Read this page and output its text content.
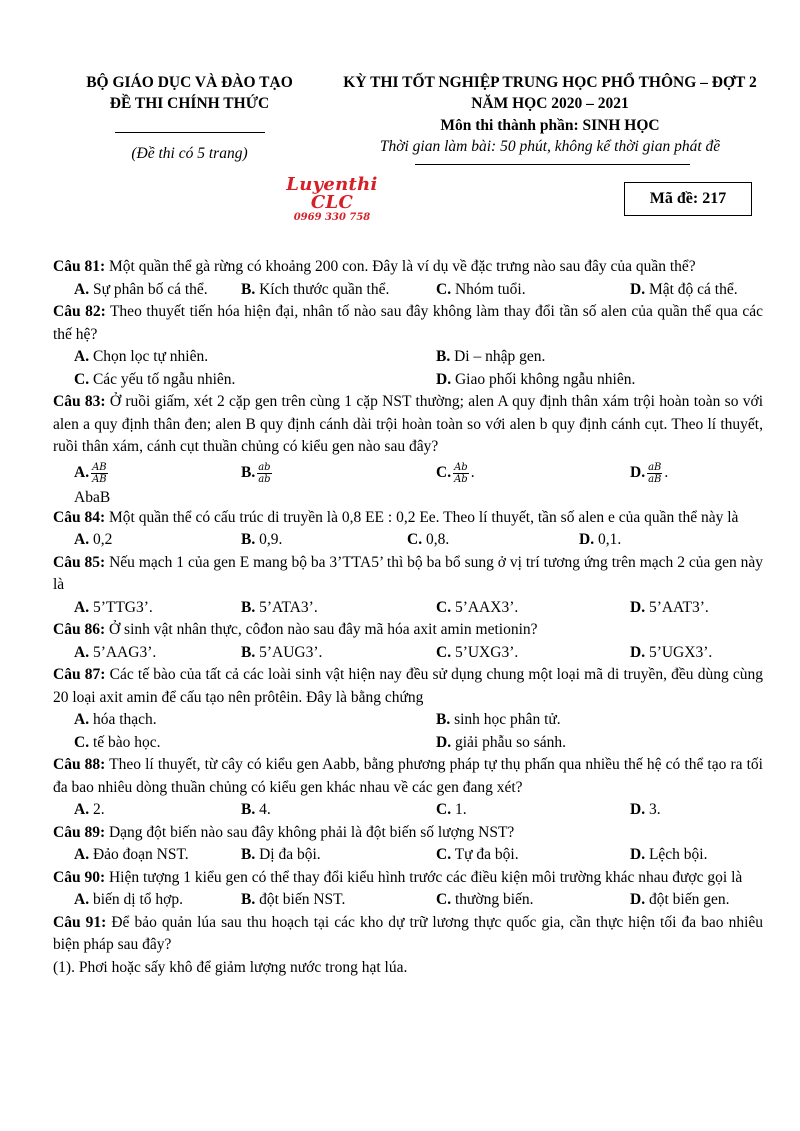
BỘ GIÁO DỤC VÀ ĐÀO TẠO
ĐỀ THI CHÍNH THỨC
(Đề thi có 5 trang)
KỲ THI TỐT NGHIỆP TRUNG HỌC PHỔ THÔNG – ĐỢT 2
NĂM HỌC 2020 – 2021
Môn thi thành phần: SINH HỌC
Thời gian làm bài: 50 phút, không kể thời gian phát đề
Luyenthi CLC
0969 330 758
Mã đề: 217
Câu 81: Một quần thể gà rừng có khoảng 200 con. Đây là ví dụ về đặc trưng nào sau đây của quần thể?
A. Sự phân bố cá thể.	B. Kích thước quần thể.	C. Nhóm tuổi.	D. Mật độ cá thể.
Câu 82: Theo thuyết tiến hóa hiện đại, nhân tố nào sau đây không làm thay đổi tần số alen của quần thể qua các thế hệ?
A. Chọn lọc tự nhiên.	B. Di – nhập gen.
C. Các yếu tố ngẫu nhiên.	D. Giao phối không ngẫu nhiên.
Câu 83: Ở ruồi giấm, xét 2 cặp gen trên cùng 1 cặp NST thường; alen A quy định thân xám trội hoàn toàn so với alen a quy định thân đen; alen B quy định cánh dài trội hoàn toàn so với alen b quy định cánh cụt. Theo lí thuyết, ruồi thân xám, cánh cụt thuần chủng có kiểu gen nào sau đây?
A. $\frac{AB}{AB}$	B. $\frac{ab}{ab}$	C. $\frac{Ab}{Ab}$ .	D. $\frac{aB}{aB}$ .
AbaB
Câu 84: Một quần thể có cấu trúc di truyền là 0,8 EE : 0,2 Ee. Theo lí thuyết, tần số alen e của quần thể này là
A. 0,2	B. 0,9.	C. 0,8.	D. 0,1.
Câu 85: Nếu mạch 1 của gen E mang bộ ba 3’TTA5’ thì bộ ba bổ sung ở vị trí tương ứng trên mạch 2 của gen này là
A. 5’TTG3’.	B. 5’ATA3’.	C. 5’AAX3’.	D. 5’AAT3’.
Câu 86: Ở sinh vật nhân thực, côđon nào sau đây mã hóa axit amin metionin?
A. 5’AAG3’.	B. 5’AUG3’.	C. 5’UXG3’.	D. 5’UGX3’.
Câu 87: Các tế bào của tất cả các loài sinh vật hiện nay đều sử dụng chung một loại mã di truyền, đều dùng cùng 20 loại axit amin để cấu tạo nên prôtêin. Đây là bằng chứng
A. hóa thạch.	B. sinh học phân tử.
C. tế bào học.	D. giải phẫu so sánh.
Câu 88: Theo lí thuyết, từ cây có kiểu gen Aabb, bằng phương pháp tự thụ phấn qua nhiều thế hệ có thể tạo ra tối đa bao nhiêu dòng thuần chủng có kiểu gen khác nhau về các gen đang xét?
A. 2.	B. 4.	C. 1.	D. 3.
Câu 89: Dạng đột biến nào sau đây không phải là đột biến số lượng NST?
A. Đảo đoạn NST.	B. Dị đa bội.	C. Tự đa bội.	D. Lệch bội.
Câu 90: Hiện tượng 1 kiểu gen có thể thay đổi kiểu hình trước các điều kiện môi trường khác nhau được gọi là
A. biến dị tổ hợp.	B. đột biến NST.	C. thường biến.	D. đột biến gen.
Câu 91: Để bảo quản lúa sau thu hoạch tại các kho dự trữ lương thực quốc gia, cần thực hiện tối đa bao nhiêu biện pháp sau đây?
(1). Phơi hoặc sấy khô để giảm lượng nước trong hạt lúa.
